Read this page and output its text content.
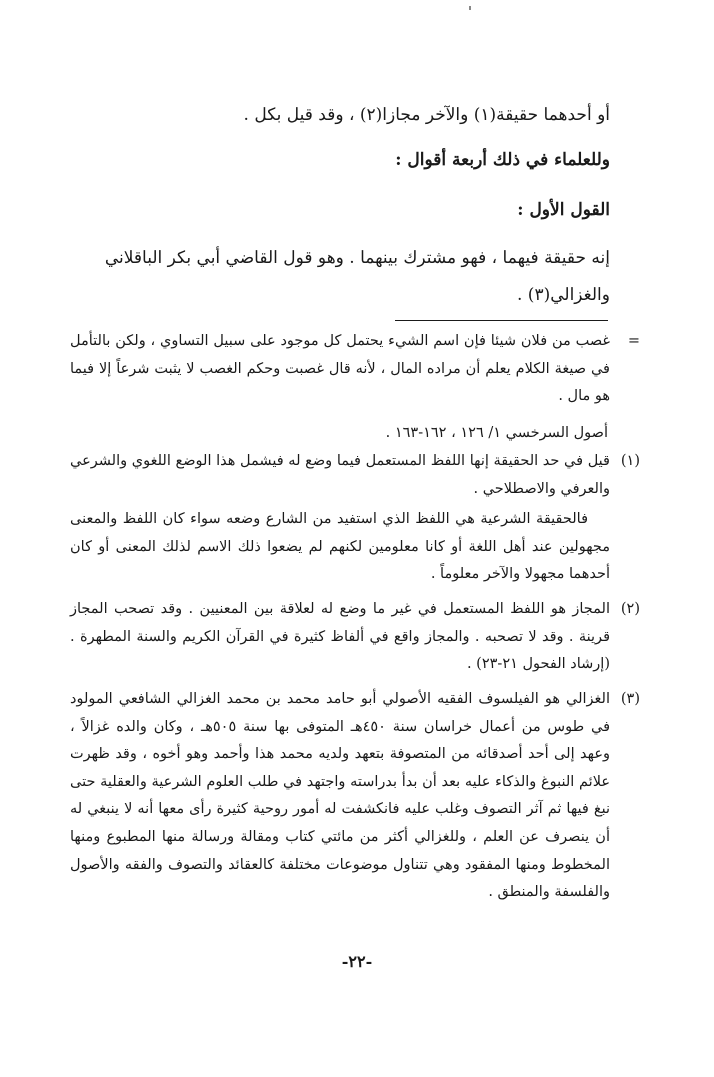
أو أحدهما حقيقة(١) والآخر مجازا(٢) ، وقد قيل بكل .
وللعلماء في ذلك أربعة أقوال :
القول الأول :
إنه حقيقة فيهما ، فهو مشترك بينهما . وهو قول القاضي أبي بكر الباقلاني
والغزالي(٣) .
=
غصب من فلان شيئا فإن اسم الشيء يحتمل كل موجود على سبيل التساوي ، ولكن بالتأمل في صيغة الكلام يعلم أن مراده المال ، لأنه قال غصبت وحكم الغصب لا يثبت شرعاً إلا فيما هو مال .
أصول السرخسي ١/ ١٢٦ ، ١٦٢-١٦٣ .
(١)
قيل في حد الحقيقة إنها اللفظ المستعمل فيما وضع له فيشمل هذا الوضع اللغوي والشرعي والعرفي والاصطلاحي .
فالحقيقة الشرعية هي اللفظ الذي استفيد من الشارع وضعه سواء كان اللفظ والمعنى مجهولين عند أهل اللغة أو كانا معلومين لكنهم لم يضعوا ذلك الاسم لذلك المعنى أو كان أحدهما مجهولا والآخر معلوماً .
(٢)
المجاز هو اللفظ المستعمل في غير ما وضع له لعلاقة بين المعنيين . وقد تصحب المجاز قرينة . وقد لا تصحبه . والمجاز واقع في ألفاظ كثيرة في القرآن الكريم والسنة المطهرة . (إرشاد الفحول ٢١-٢٣) .
(٣)
الغزالي هو الفيلسوف الفقيه الأصولي أبو حامد محمد بن محمد الغزالي الشافعي المولود في طوس من أعمال خراسان سنة ٤٥٠هـ المتوفى بها سنة ٥٠٥هـ ، وكان والده غزالاً ، وعهد إلى أحد أصدقائه من المتصوفة بتعهد ولديه محمد هذا وأحمد وهو أخوه ، وقد ظهرت علائم النبوغ والذكاء عليه بعد أن بدأ بدراسته واجتهد في طلب العلوم الشرعية والعقلية حتى نبغ فيها ثم آثر التصوف وغلب عليه فانكشفت له أمور روحية كثيرة رأى معها أنه لا ينبغي له أن ينصرف عن العلم ، وللغزالي أكثر من مائتي كتاب ومقالة ورسالة منها المطبوع ومنها المخطوط ومنها المفقود وهي تتناول موضوعات مختلفة كالعقائد والتصوف والفقه والأصول والفلسفة والمنطق .
-٢٢-
